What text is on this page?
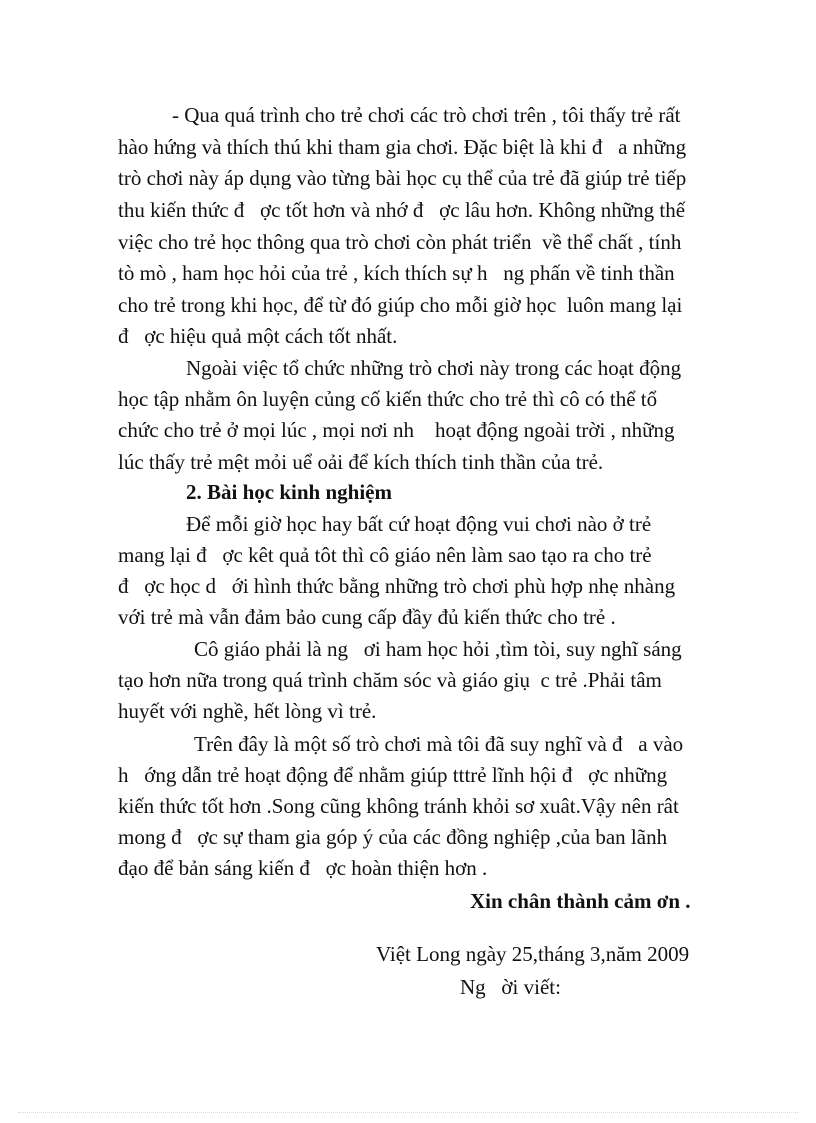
- Qua quá trình cho trẻ chơi các trò chơi trên , tôi thấy trẻ rất
hào hứng và thích thú khi tham gia chơi. Đặc biệt là khi đ   a những
trò chơi này áp dụng vào từng bài học cụ thể của trẻ đã giúp trẻ tiếp
thu kiến thức đ   ợc tốt hơn và nhớ đ   ợc lâu hơn. Không những thế
việc cho trẻ học thông qua trò chơi còn phát triển  về thể chất , tính
tò mò , ham học hỏi của trẻ , kích thích sự h   ng phấn về tinh thần
cho trẻ trong khi học, để từ đó giúp cho mỗi giờ học  luôn mang lại
đ   ợc hiệu quả một cách tốt nhất.
Ngoài việc tổ chức những trò chơi này trong các hoạt động
học tập nhằm ôn luyện củng cố kiến thức cho trẻ thì cô có thể tổ
chức cho trẻ ở mọi lúc , mọi nơi nh    hoạt động ngoài trời , những
lúc thấy trẻ mệt mỏi uể oải để kích thích tinh thần của trẻ.
2. Bài học kinh nghiệm
Để mỗi giờ học hay bất cứ hoạt động vui chơi nào ở trẻ
mang lại đ   ợc kêt quả tôt thì cô giáo nên làm sao tạo ra cho trẻ
đ   ợc học d   ới hình thức bằng những trò chơi phù hợp nhẹ nhàng
với trẻ mà vẫn đảm bảo cung cấp đầy đủ kiến thức cho trẻ .
Cô giáo phải là ng   ơi ham học hỏi ,tìm tòi, suy nghĩ sáng
tạo hơn nữa trong quá trình chăm sóc và giáo giụ  c trẻ .Phải tâm
huyết với nghề, hết lòng vì trẻ.
Trên đây là một số trò chơi mà tôi đã suy nghĩ và đ   a vào
h   ớng dẫn trẻ hoạt động để nhằm giúp tttrẻ lĩnh hội đ   ợc những
kiến thức tốt hơn .Song cũng không tránh khỏi sơ xuât.Vậy nên rât
mong đ   ợc sự tham gia góp ý của các đồng nghiệp ,của ban lãnh
đạo để bản sáng kiến đ   ợc hoàn thiện hơn .
Xin chân thành cảm ơn .
Việt Long ngày 25,tháng 3,năm 2009
Ng   ời viết:
